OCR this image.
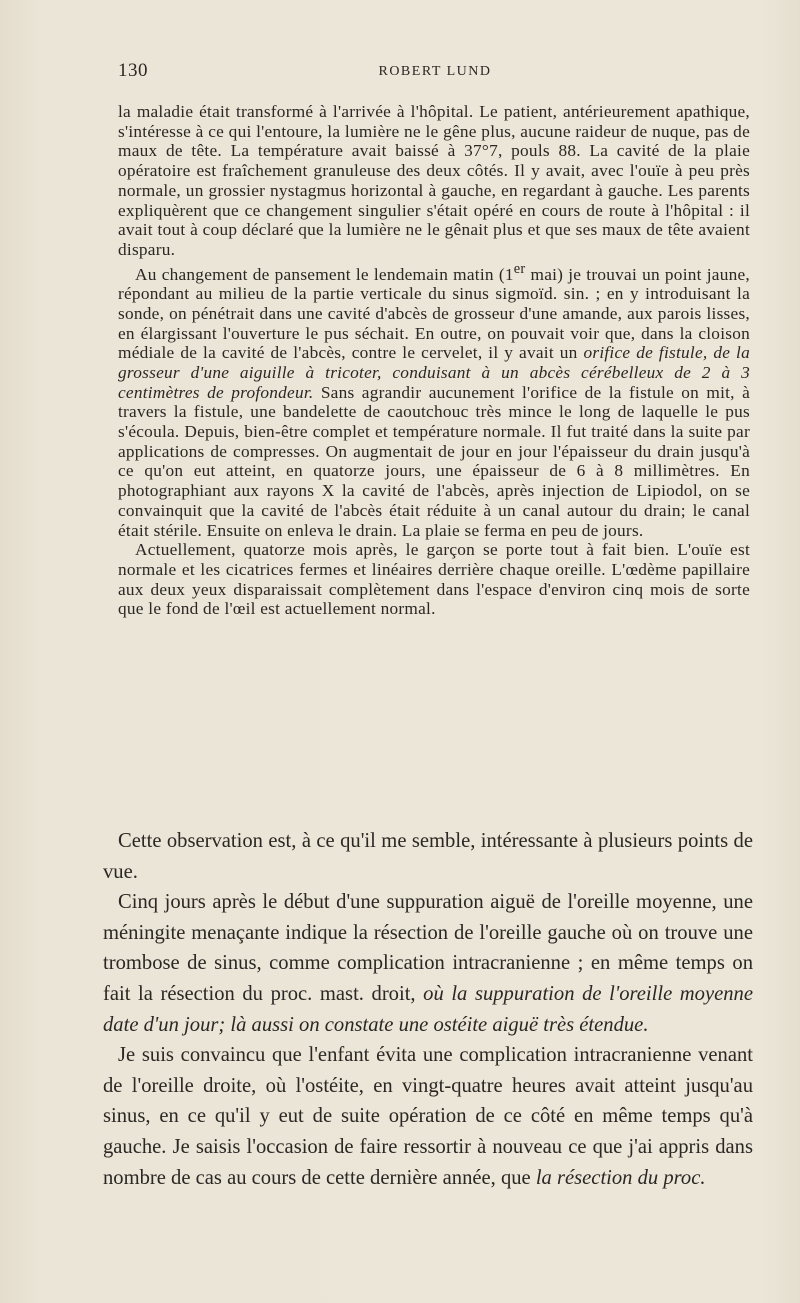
130	ROBERT LUND

la maladie était transformé à l'arrivée à l'hôpital. Le patient, antérieurement apathique, s'intéresse à ce qui l'entoure, la lumière ne le gêne plus, aucune raideur de nuque, pas de maux de tête. La température avait baissé à 37°7, pouls 88. La cavité de la plaie opératoire est fraîchement granuleuse des deux côtés. Il y avait, avec l'ouïe à peu près normale, un grossier nystagmus horizontal à gauche, en regardant à gauche. Les parents expliquèrent que ce changement singulier s'était opéré en cours de route à l'hôpital : il avait tout à coup déclaré que la lumière ne le gênait plus et que ses maux de tête avaient disparu.

Au changement de pansement le lendemain matin (1er mai) je trouvai un point jaune, répondant au milieu de la partie verticale du sinus sigmoïd. sin. ; en y introduisant la sonde, on pénétrait dans une cavité d'abcès de grosseur d'une amande, aux parois lisses, en élargissant l'ouverture le pus séchait. En outre, on pouvait voir que, dans la cloison médiale de la cavité de l'abcès, contre le cervelet, il y avait un orifice de fistule, de la grosseur d'une aiguille à tricoter, conduisant à un abcès cérébelleux de 2 à 3 centimètres de profondeur. Sans agrandir aucunement l'orifice de la fistule on mit, à travers la fistule, une bandelette de caoutchouc très mince le long de laquelle le pus s'écoula. Depuis, bien-être complet et température normale. Il fut traité dans la suite par applications de compresses. On augmentait de jour en jour l'épaisseur du drain jusqu'à ce qu'on eut atteint, en quatorze jours, une épaisseur de 6 à 8 millimètres. En photographiant aux rayons X la cavité de l'abcès, après injection de Lipiodol, on se convainquit que la cavité de l'abcès était réduite à un canal autour du drain; le canal était stérile. Ensuite on enleva le drain. La plaie se ferma en peu de jours.

Actuellement, quatorze mois après, le garçon se porte tout à fait bien. L'ouïe est normale et les cicatrices fermes et linéaires derrière chaque oreille. L'œdème papillaire aux deux yeux disparaissait complètement dans l'espace d'environ cinq mois de sorte que le fond de l'œil est actuellement normal.

Cette observation est, à ce qu'il me semble, intéressante à plusieurs points de vue.

Cinq jours après le début d'une suppuration aiguë de l'oreille moyenne, une méningite menaçante indique la résection de l'oreille gauche où on trouve une trombose de sinus, comme complication intracranienne ; en même temps on fait la résection du proc. mast. droit, où la suppuration de l'oreille moyenne date d'un jour; là aussi on constate une ostéite aiguë très étendue.

Je suis convaincu que l'enfant évita une complication intracranienne venant de l'oreille droite, où l'ostéite, en vingt-quatre heures avait atteint jusqu'au sinus, en ce qu'il y eut de suite opération de ce côté en même temps qu'à gauche. Je saisis l'occasion de faire ressortir à nouveau ce que j'ai appris dans nombre de cas au cours de cette dernière année, que la résection du proc.
